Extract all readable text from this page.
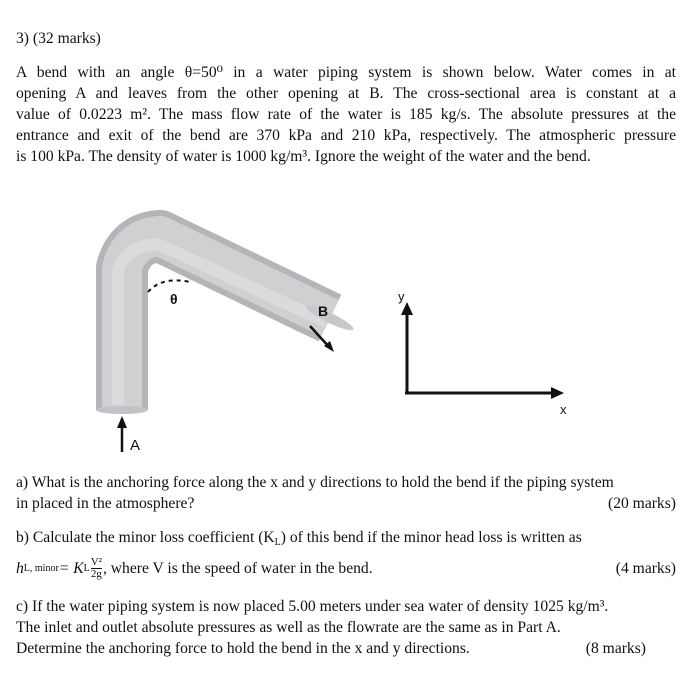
3) (32 marks)
A bend with an angle θ=50⁰ in a water piping system is shown below. Water comes in at
opening A and leaves from the other opening at B. The cross-sectional area is constant at a
value of 0.0223 m². The mass flow rate of the water is 185 kg/s. The absolute pressures at the
entrance and exit of the bend are 370 kPa and 210 kPa, respectively. The atmospheric pressure
is 100 kPa. The density of water is 1000 kg/m³. Ignore the weight of the water and the bend.
θ
B
A
y
x
a) What is the anchoring force along the x and y directions to hold the bend if the piping system
in placed in the atmosphere?	(20 marks)
b) Calculate the minor loss coefficient $(K_L)$ of this bend if the minor head loss is written as
h L, minor = K L $\frac{\text{V²}}{2g}$ , where V is the speed of water in the bend.	(4 marks)
c) If the water piping system is now placed 5.00 meters under sea water of density 1025 kg/m³.
The inlet and outlet absolute pressures as well as the flowrate are the same as in Part A.
Determine the anchoring force to hold the bend in the x and y directions.	(8 marks)
